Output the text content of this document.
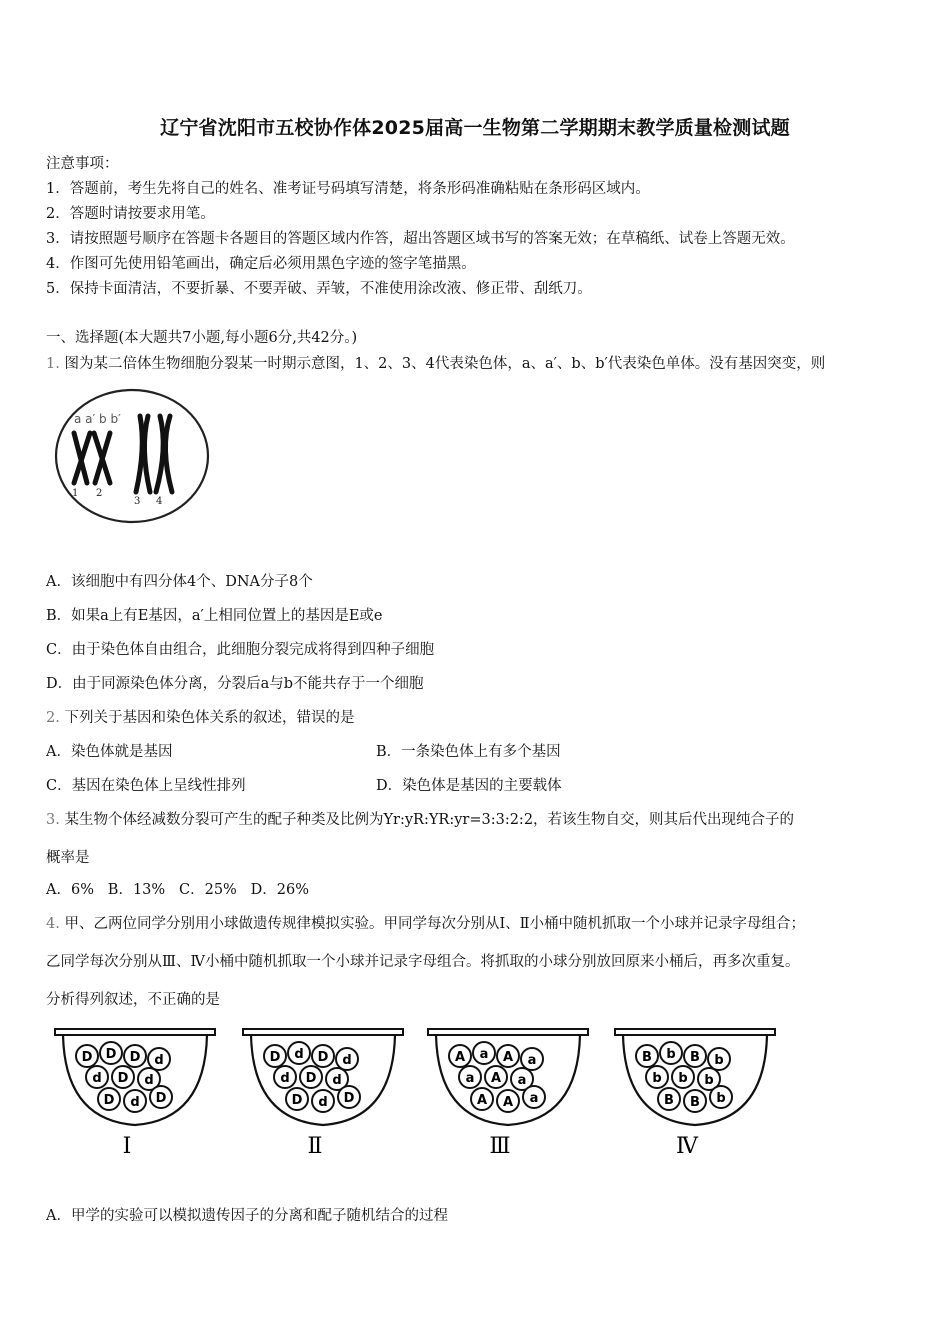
辽宁省沈阳市五校协作体2025届高一生物第二学期期末教学质量检测试题
注意事项：
1．答题前，考生先将自己的姓名、准考证号码填写清楚，将条形码准确粘贴在条形码区域内。
2．答题时请按要求用笔。
3．请按照题号顺序在答题卡各题目的答题区域内作答，超出答题区域书写的答案无效；在草稿纸、试卷上答题无效。
4．作图可先使用铅笔画出，确定后必须用黑色字迹的签字笔描黑。
5．保持卡面清洁，不要折暴、不要弄破、弄皱，不准使用涂改液、修正带、刮纸刀。
一、选择题(本大题共7小题,每小题6分,共42分。)
1. 图为某二倍体生物细胞分裂某一时期示意图，1、2、3、4代表染色体，a、a′、b、b′代表染色单体。没有基因突变，则
a a′ b b′
1 2
3 4
A．该细胞中有四分体4个、DNA分子8个
B．如果a上有E基因，a′上相同位置上的基因是E或e
C．由于染色体自由组合，此细胞分裂完成将得到四种子细胞
D．由于同源染色体分离，分裂后a与b不能共存于一个细胞
2. 下列关于基因和染色体关系的叙述，错误的是
A．染色体就是基因	B．一条染色体上有多个基因
C．基因在染色体上呈线性排列	D．染色体是基因的主要载体
3. 某生物个体经减数分裂可产生的配子种类及比例为Yr:yR:YR:yr=3:3:2:2，若该生物自交，则其后代出现纯合子的
概率是
A．6%   B．13%   C．25%   D．26%
4. 甲、乙两位同学分别用小球做遗传规律模拟实验。甲同学每次分别从Ⅰ、Ⅱ小桶中随机抓取一个小球并记录字母组合；
乙同学每次分别从Ⅲ、Ⅳ小桶中随机抓取一个小球并记录字母组合。将抓取的小球分别放回原来小桶后，再多次重复。
分析得列叙述，不正确的是
D D D d
d D d
D d D
Ⅰ
D d D d
d D d
D d D
Ⅱ
A a A a
a A a
A A a
Ⅲ
B b B b
b b b
B B b
Ⅳ
A．甲学的实验可以模拟遗传因子的分离和配子随机结合的过程
